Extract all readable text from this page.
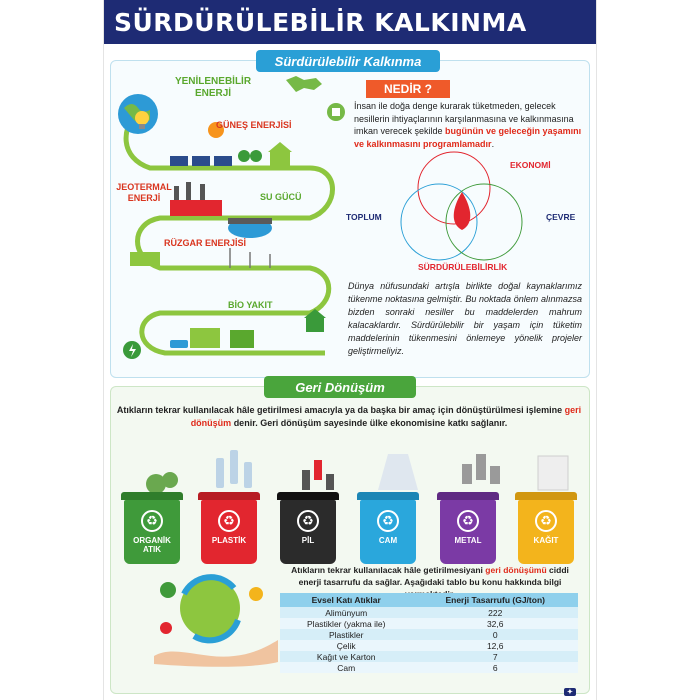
SÜRDÜRÜLEBİLİR KALKINMA
Sürdürülebilir Kalkınma
YENİLENEBİLİR ENERJİ
GÜNEŞ ENERJİSİ
JEOTERMAL ENERJİ	SU GÜCÜ
RÜZGAR ENERJİSİ
BİO YAKIT
NEDİR ?
İnsan ile doğa denge kurarak tüketmeden, gelecek nesillerin ihtiyaçlarının karşılanmasına ve kalkınmasına imkan verecek şekilde bugünün ve geleceğin yaşamını ve kalkınmasını programlamadır.
EKONOMİ
TOPLUM	ÇEVRE
SÜRDÜRÜLEBİLİRLİK
Dünya nüfusundaki artışla birlikte doğal kaynaklarımız tükenme noktasına gelmiştir. Bu noktada önlem alınmazsa bizden sonraki nesiller bu maddelerden mahrum kalacaklardır. Sürdürülebilir bir yaşam için tüketim maddelerinin tükenmesini önlemeye yönelik projeler geliştirmeliyiz.
Geri Dönüşüm
Atıkların tekrar kullanılacak hâle getirilmesi amacıyla ya da başka bir amaç için dönüştürülmesi işlemine geri dönüşüm denir. Geri dönüşüm sayesinde ülke ekonomisine katkı sağlanır.
♻
ORGANİK ATIK
♻
PLASTİK
♻
PİL
♻
CAM
♻
METAL
♻
KAĞIT
Atıkların tekrar kullanılacak hâle getirilmesiyani geri dönüşümü ciddi enerji tasarrufu da sağlar. Aşağıdaki tablo bu konu hakkında bilgi
Evsel Katı Atıklar	Enerji Tasarrufu (GJ/ton)
Alimünyum	222
Plastikler (yakma ile)	32,6
Plastikler	0
Çelik	12,6
Kağıt ve Karton	7
Cam	6
✦
